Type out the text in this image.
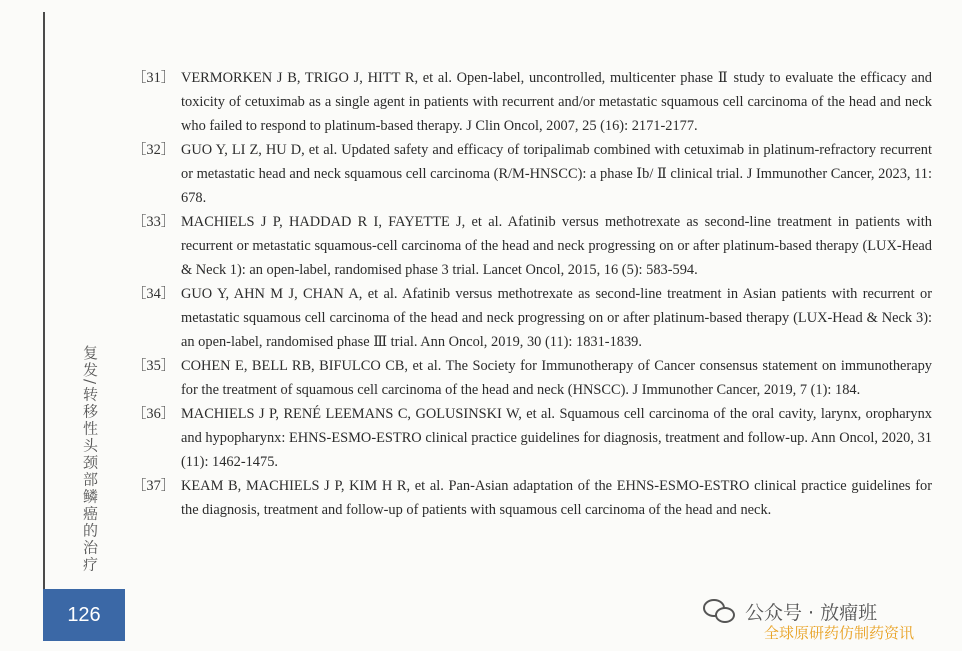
复发/转移性头颈部鳞癌的治疗
126
［31］ VERMORKEN J B, TRIGO J, HITT R, et al. Open-label, uncontrolled, multicenter phase Ⅱ study to evaluate the efficacy and toxicity of cetuximab as a single agent in patients with recurrent and/or metastatic squamous cell carcinoma of the head and neck who failed to respond to platinum-based therapy. J Clin Oncol, 2007, 25 (16): 2171-2177.
［32］ GUO Y, LI Z, HU D, et al. Updated safety and efficacy of toripalimab combined with cetuximab in platinum-refractory recurrent or metastatic head and neck squamous cell carcinoma (R/M-HNSCC): a phase Ⅰb/ Ⅱ clinical trial. J Immunother Cancer, 2023, 11: 678.
［33］ MACHIELS J P, HADDAD R I, FAYETTE J, et al. Afatinib versus methotrexate as second-line treatment in patients with recurrent or metastatic squamous-cell carcinoma of the head and neck progressing on or after platinum-based therapy (LUX-Head & Neck 1): an open-label, randomised phase 3 trial. Lancet Oncol, 2015, 16 (5): 583-594.
［34］ GUO Y, AHN M J, CHAN A, et al. Afatinib versus methotrexate as second-line treatment in Asian patients with recurrent or metastatic squamous cell carcinoma of the head and neck progressing on or after platinum-based therapy (LUX-Head & Neck 3): an open-label, randomised phase Ⅲ trial. Ann Oncol, 2019, 30 (11): 1831-1839.
［35］ COHEN E, BELL RB, BIFULCO CB, et al. The Society for Immunotherapy of Cancer consensus statement on immunotherapy for the treatment of squamous cell carcinoma of the head and neck (HNSCC). J Immunother Cancer, 2019, 7 (1): 184.
［36］ MACHIELS J P, RENÉ LEEMANS C, GOLUSINSKI W, et al. Squamous cell carcinoma of the oral cavity, larynx, oropharynx and hypopharynx: EHNS-ESMO-ESTRO clinical practice guidelines for diagnosis, treatment and follow-up. Ann Oncol, 2020, 31 (11): 1462-1475.
［37］ KEAM B, MACHIELS J P, KIM H R, et al. Pan-Asian adaptation of the EHNS-ESMO-ESTRO clinical practice guidelines for the diagnosis, treatment and follow-up of patients with squamous cell carcinoma of the head and neck.
公众号 · 放瘤班
全球原研药仿制药资讯
